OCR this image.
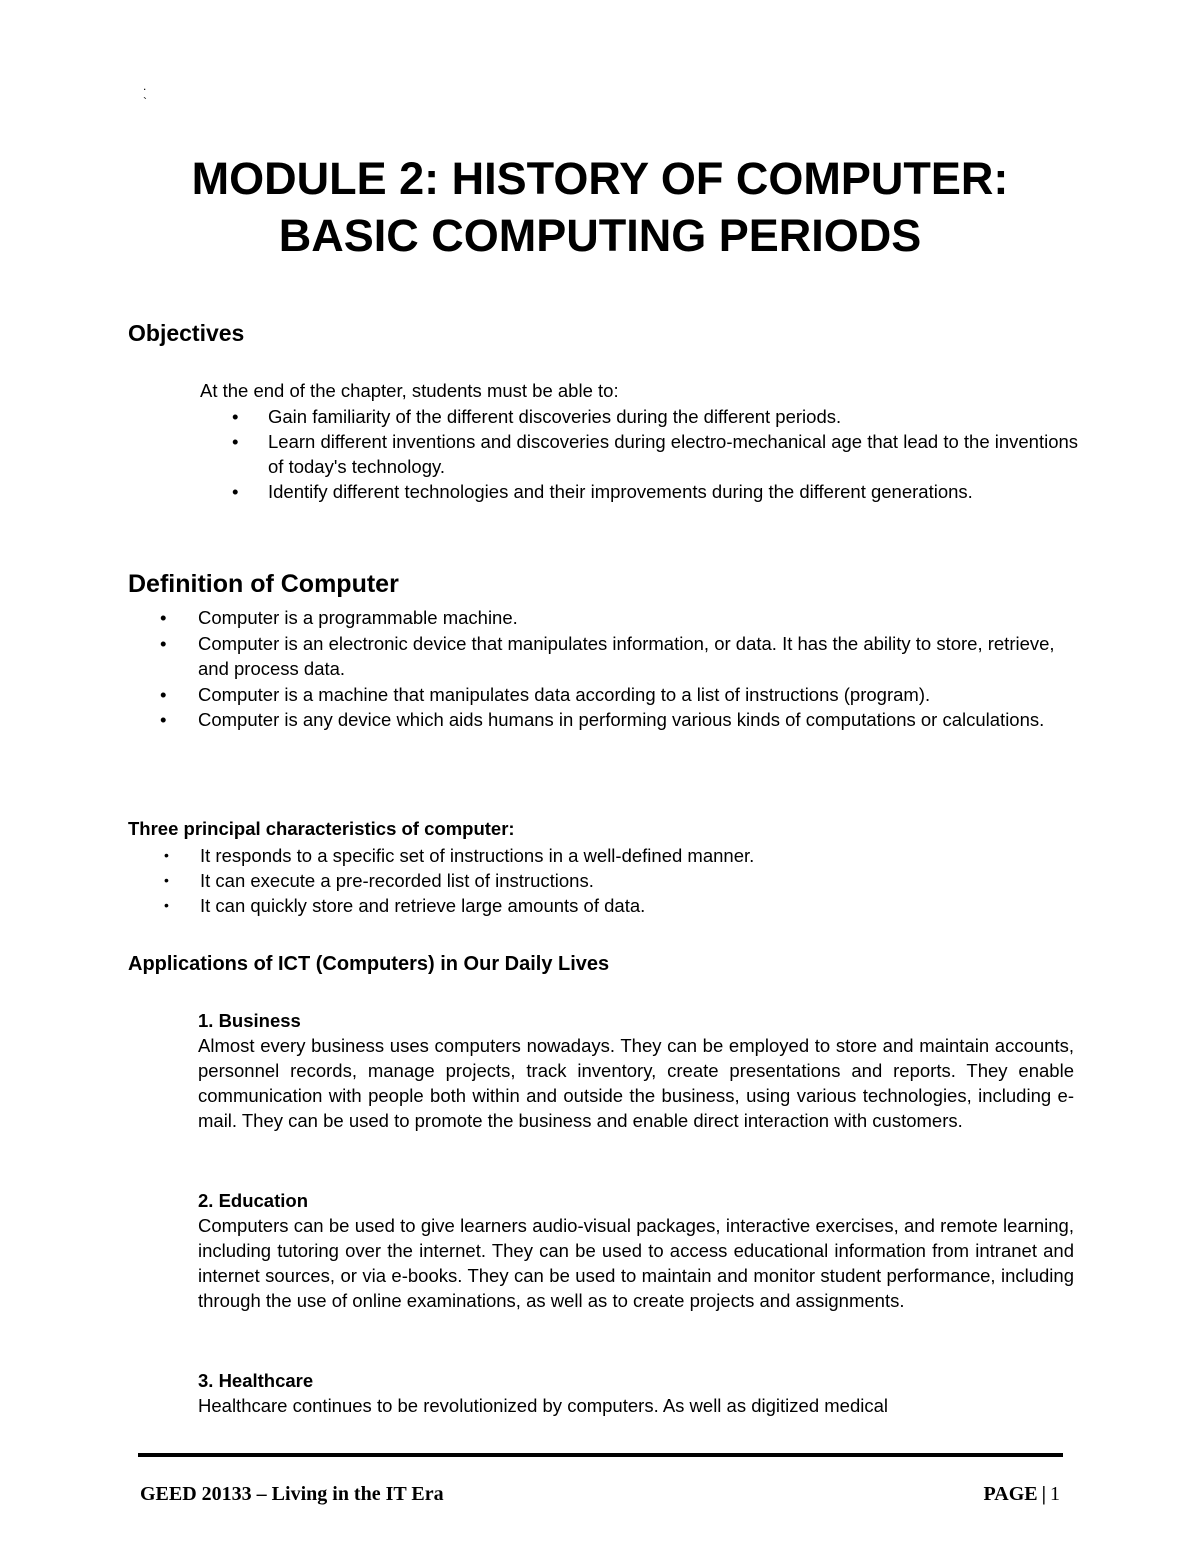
.
`
MODULE 2: HISTORY OF COMPUTER:
BASIC COMPUTING PERIODS
Objectives
At the end of the chapter, students must be able to:
• Gain familiarity of the different discoveries during the different periods.
• Learn different inventions and discoveries during electro-mechanical age that lead to the inventions of today's technology.
• Identify different technologies and their improvements during the different generations.
Definition of Computer
• Computer is a programmable machine.
• Computer is an electronic device that manipulates information, or data. It has the ability to store, retrieve, and process data.
• Computer is a machine that manipulates data according to a list of instructions (program).
• Computer is any device which aids humans in performing various kinds of computations or calculations.
Three principal characteristics of computer:
• It responds to a specific set of instructions in a well-defined manner.
• It can execute a pre-recorded list of instructions.
• It can quickly store and retrieve large amounts of data.
Applications of ICT (Computers) in Our Daily Lives
1. Business
Almost every business uses computers nowadays. They can be employed to store and maintain accounts, personnel records, manage projects, track inventory, create presentations and reports. They enable communication with people both within and outside the business, using various technologies, including e-mail. They can be used to promote the business and enable direct interaction with customers.
2. Education
Computers can be used to give learners audio-visual packages, interactive exercises, and remote learning, including tutoring over the internet. They can be used to access educational information from intranet and internet sources, or via e-books. They can be used to maintain and monitor student performance, including through the use of online examinations, as well as to create projects and assignments.
3. Healthcare
Healthcare continues to be revolutionized by computers. As well as digitized medical
GEED 20133 – Living in the IT Era	PAGE | 1
